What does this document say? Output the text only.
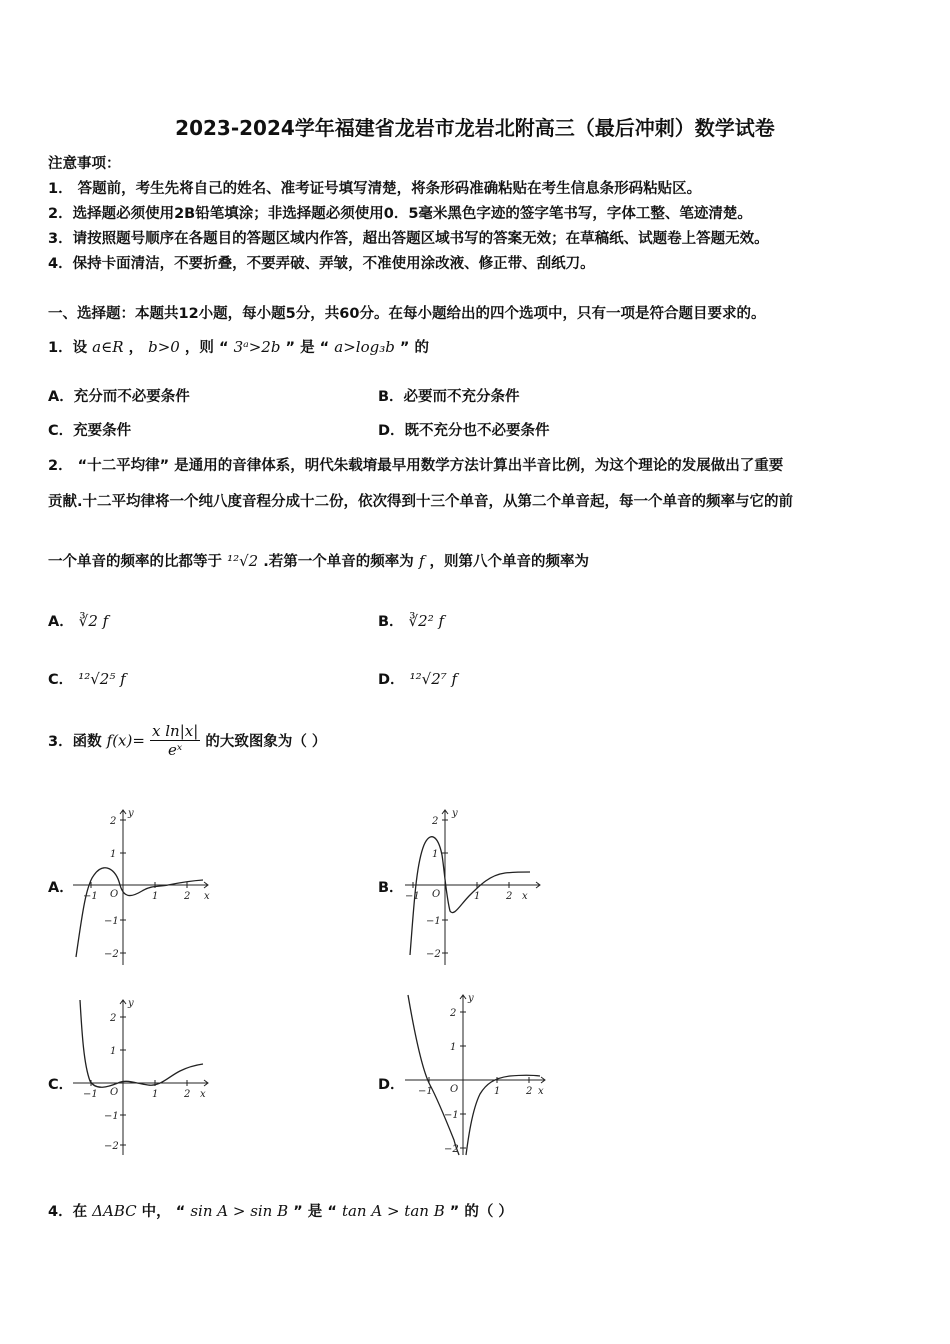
2023-2024学年福建省龙岩市龙岩北附高三（最后冲刺）数学试卷
注意事项：
1． 答题前，考生先将自己的姓名、准考证号填写清楚，将条形码准确粘贴在考生信息条形码粘贴区。
2．选择题必须使用2B铅笔填涂；非选择题必须使用0．5毫米黑色字迹的签字笔书写，字体工整、笔迹清楚。
3．请按照题号顺序在各题目的答题区域内作答，超出答题区域书写的答案无效；在草稿纸、试题卷上答题无效。
4．保持卡面清洁，不要折叠，不要弄破、弄皱，不准使用涂改液、修正带、刮纸刀。
一、选择题：本题共12小题，每小题5分，共60分。在每小题给出的四个选项中，只有一项是符合题目要求的。
1．设 a∈R ， b>0 ，则 “ 3ᵃ>2b ” 是 “ a>log₃b ” 的
A．充分而不必要条件	B．必要而不充分条件
C．充要条件	D．既不充分也不必要条件
2． “十二平均律” 是通用的音律体系，明代朱载堉最早用数学方法计算出半音比例，为这个理论的发展做出了重要
贡献.十二平均律将一个纯八度音程分成十二份，依次得到十三个单音，从第二个单音起，每一个单音的频率与它的前
一个单音的频率的比都等于 ¹²√2 .若第一个单音的频率为 f ，则第八个单音的频率为
A． ∛2 f	B． ∛2² f
C． ¹²√2⁵ f	D． ¹²√2⁷ f
3．函数 $f(x)= \frac{\text{x ln|x|}}{\text{eˣ}}$ 的大致图象为（ ）
A．	B．
C．	D．
y
x
O
2
1
−1
−2
−1	1	2
y
x
O
2
1
−1
−2
−1	1	2
y
x
O
2
1
−1
−2
−1	1	2
y
x
O
2
1
−1
−2
−1	1	2
4．在 ΔABC 中， “ sin A > sin B ” 是 “ tan A > tan B ” 的（ ）
